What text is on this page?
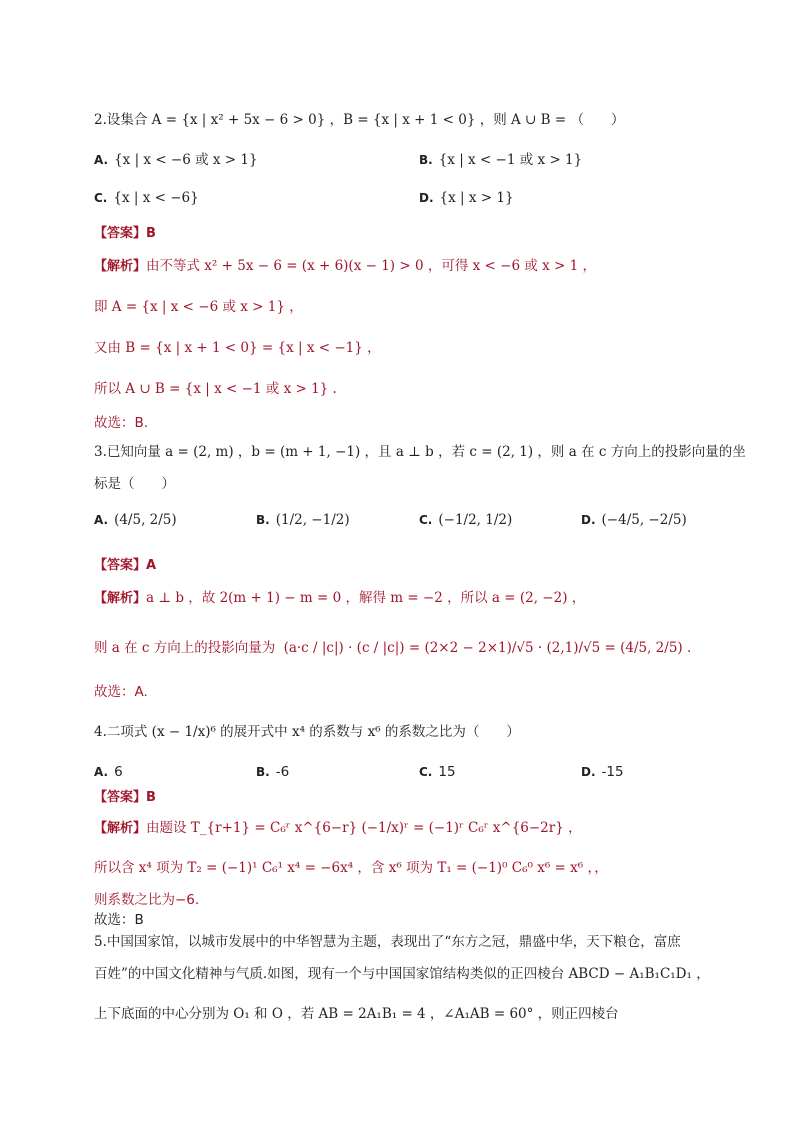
2.设集合 A = {x | x² + 5x − 6 > 0} ，B = {x | x + 1 < 0} ，则 A ∪ B = （　　）
A. {x | x < −6 或 x > 1}	B. {x | x < −1 或 x > 1}
C. {x | x < −6}	D. {x | x > 1}
【答案】B
【解析】由不等式 x² + 5x − 6 = (x + 6)(x − 1) > 0 ，可得 x < −6 或 x > 1 ，
即 A = {x | x < −6 或 x > 1} ，
又由 B = {x | x + 1 < 0} = {x | x < −1} ，
所以 A ∪ B = {x | x < −1 或 x > 1} .
故选：B.
3.已知向量 a = (2, m) ，b = (m + 1, −1) ，且 a ⊥ b ，若 c = (2, 1) ，则 a 在 c 方向上的投影向量的坐
标是（　　）
A. (4/5, 2/5)	B. (1/2, −1/2)	C. (−1/2, 1/2)	D. (−4/5, −2/5)
【答案】A
【解析】a ⊥ b ，故 2(m + 1) − m = 0 ，解得 m = −2 ，所以 a = (2, −2) ，
则 a 在 c 方向上的投影向量为 (a·c / |c|) · (c / |c|) = (2×2 − 2×1)/√5 · (2,1)/√5 = (4/5, 2/5) .
故选：A.
4.二项式 (x − 1/x)⁶ 的展开式中 x⁴ 的系数与 x⁶ 的系数之比为（　　）
A. 6	B. -6	C. 15	D. -15
【答案】B
【解析】由题设 T_{r+1} = C₆ʳ x^{6−r} (−1/x)ʳ = (−1)ʳ C₆ʳ x^{6−2r} ，
所以含 x⁴ 项为 T₂ = (−1)¹ C₆¹ x⁴ = −6x⁴ ，含 x⁶ 项为 T₁ = (−1)⁰ C₆⁰ x⁶ = x⁶ ，，
则系数之比为−6.
故选：B
5.中国国家馆，以城市发展中的中华智慧为主题，表现出了“东方之冠，鼎盛中华，天下粮仓，富庶
百姓”的中国文化精神与气质.如图，现有一个与中国国家馆结构类似的正四棱台 ABCD − A₁B₁C₁D₁ ，
上下底面的中心分别为 O₁ 和 O ，若 AB = 2A₁B₁ = 4 ，∠A₁AB = 60° ，则正四棱台
